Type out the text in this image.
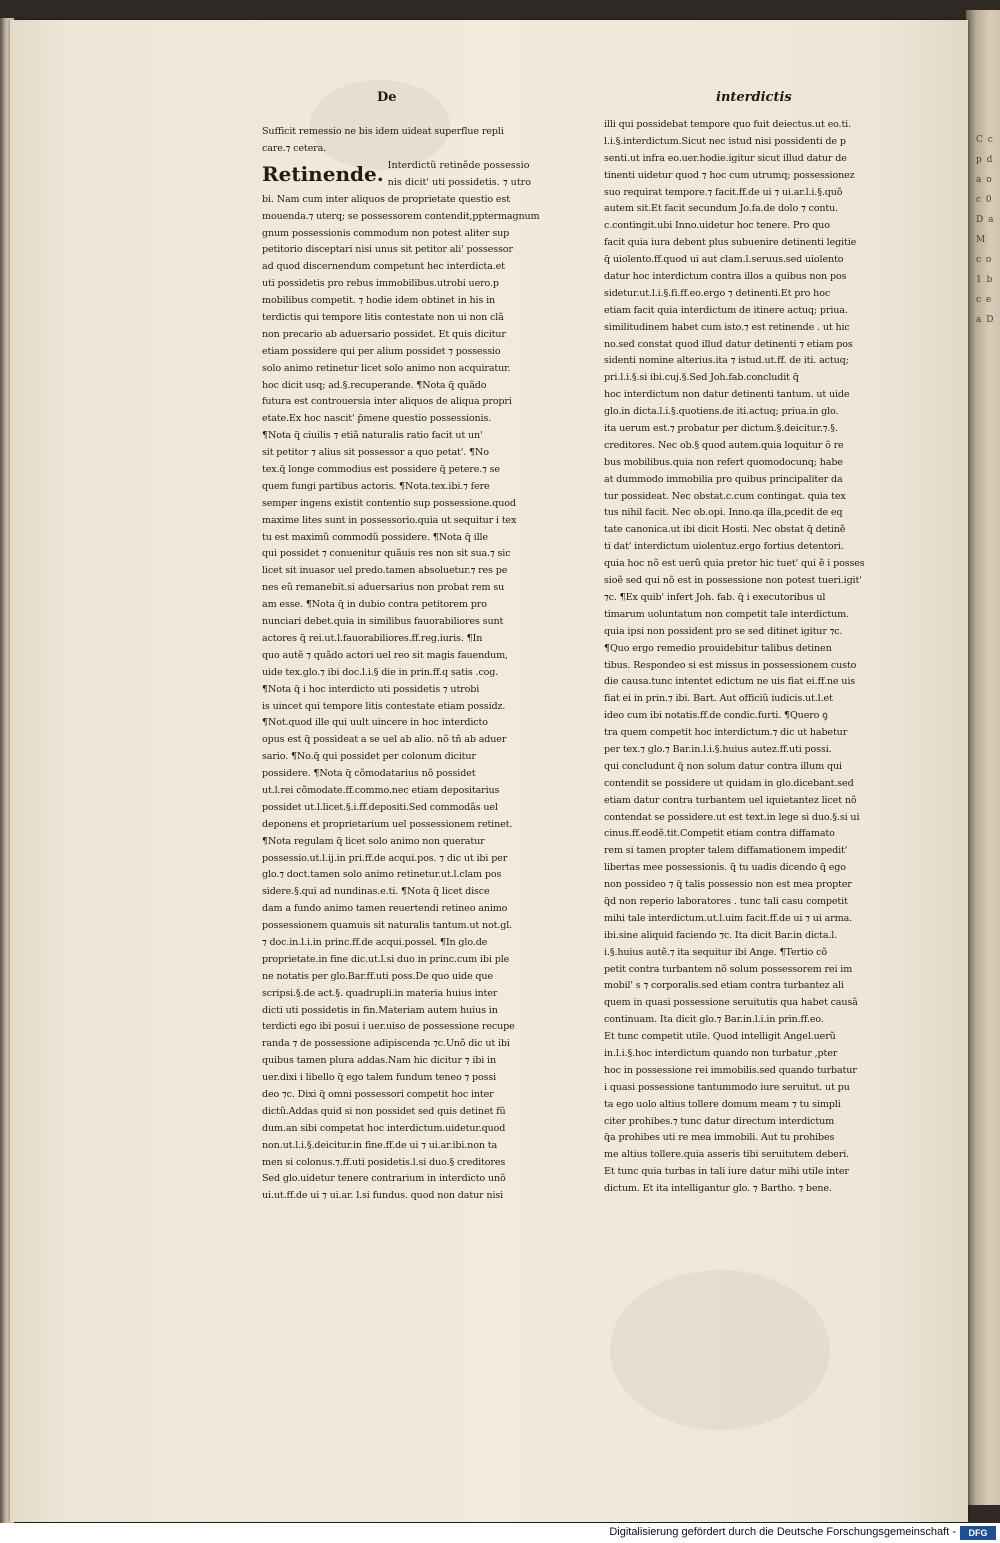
C c p d a o c 0 D a M c o 1 b c e a D
De	interdictis
Sufficit remessio ne bis idem uideat superflue repli
care.⁊ cetera.
Retinende. Interdictũ retinẽde possessio
nis dicit' uti possidetis. ⁊ utro
bi. Nam cum inter aliquos de proprietate questio est
mouenda.⁊ uterq; se possessorem contendit,pptermagnum
gnum possessionis commodum non potest aliter sup
petitorio disceptari nisi unus sit petitor ali' possessor
ad quod discernendum competunt hec interdicta.et
uti possidetis pro rebus immobilibus.utrobi uero.p
mobilibus competit. ⁊ hodie idem obtinet in his in
terdictis qui tempore litis contestate non ui non clã
non precario ab aduersario possidet. Et quis dicitur
etiam possidere qui per alium possidet ⁊ possessio
solo animo retinetur licet solo animo non acquiratur.
hoc dicit usq; ad.§.recuperande. ¶Nota q̃ quãdo
futura est controuersia inter aliquos de aliqua propri
etate.Ex hoc nascit' p̃mene questio possessionis.
¶Nota q̃ ciuilis ⁊ etiã naturalis ratio facit ut un'
sit petitor ⁊ alius sit possessor a quo petat'. ¶No
tex.q̃ longe commodius est possidere q̃ petere.⁊ se
quem fungi partibus actoris. ¶Nota.tex.ibi.⁊ fere
semper ingens existit contentio sup possessione.quod
maxime lites sunt in possessorio.quia ut sequitur i tex
tu est maximũ commodũ possidere. ¶Nota q̃ ille
qui possidet ⁊ conuenitur quãuis res non sit sua.⁊ sic
licet sit inuasor uel predo.tamen absoluetur.⁊ res pe
nes eũ remanebit.si aduersarius non probat rem su
am esse. ¶Nota q̃ in dubio contra petitorem pro
nunciari debet.quia in similibus fauorabiliores sunt
actores q̃ rei.ut.l.fauorabiliores.ff.reg.iuris. ¶In
quo autẽ ⁊ quãdo actori uel reo sit magis fauendum,
uide tex.glo.⁊ ibi doc.l.i.§ die in prin.ff.q satis .cog.
¶Nota q̃ i hoc interdicto uti possidetis ⁊ utrobi
is uincet qui tempore litis contestate etiam possidz.
¶Not.quod ille qui uult uincere in hoc interdicto
opus est q̃ possideat a se uel ab alio. nõ tñ ab aduer
sario. ¶No.q̃ qui possidet per colonum dicitur
possidere. ¶Nota q̃ cõmodatarius nõ possidet
ut.l.rei cõmodate.ff.commo.nec etiam depositarius
possidet ut.l.licet.§.i.ff.depositi.Sed commodãs uel
deponens et proprietarium uel possessionem retinet.
¶Nota regulam q̃ licet solo animo non queratur
possessio.ut.l.ij.in pri.ff.de acqui.pos. ⁊ dic ut ibi per
glo.⁊ doct.tamen solo animo retinetur.ut.l.clam pos
sidere.§.qui ad nundinas.e.ti. ¶Nota q̃ licet disce
dam a fundo animo tamen reuertendi retineo animo
possessionem quamuis sit naturalis tantum.ut not.gl.
⁊ doc.in.l.i.in princ.ff.de acqui.possel. ¶In glo.de
proprietate.in fine dic.ut.l.si duo in princ.cum ibi ple
ne notatis per glo.Bar.ff.uti poss.De quo uide que
scripsi.§.de act.§. quadrupli.in materia huius inter
dicti uti possidetis in fin.Materiam autem huius in
terdicti ego ibi posui i uer.uiso de possessione recupe
randa ⁊ de possessione adipiscenda ⁊c.Unõ dic ut ibi
quibus tamen plura addas.Nam hic dicitur ⁊ ibi in
uer.dixi i libello q̃ ego talem fundum teneo ⁊ possi
deo ⁊c. Dixi q̃ omni possessori competit hoc inter
dictũ.Addas quid si non possidet sed quis detinet fũ
dum.an sibi competat hoc interdictum.uidetur.quod
non.ut.l.i.§.deicitur.in fine.ff.de ui ⁊ ui.ar.ibi.non ta
men si colonus.⁊.ff.uti posidetis.l.si duo.§ creditores
Sed glo.uidetur tenere contrarium in interdicto unõ
ui.ut.ff.de ui ⁊ ui.ar. l.si fundus. quod non datur nisi
illi qui possidebat tempore quo fuit deiectus.ut eo.ti.
l.i.§.interdictum.Sicut nec istud nisi possidenti de p
senti.ut infra eo.uer.hodie.igitur sicut illud datur de
tinenti uidetur quod ⁊ hoc cum utrumq; possessionez
suo requirat tempore.⁊ facit.ff.de ui ⁊ ui.ar.l.i.§.quõ
autem sit.Et facit secundum Jo.fa.de dolo ⁊ contu.
c.contingit.ubi Inno.uidetur hoc tenere. Pro quo
facit quia iura debent plus subuenire detinenti legitie
q̃ uiolento.ff.quod ui aut clam.l.seruus.sed uiolento
datur hoc interdictum contra illos a quibus non pos
sidetur.ut.l.i.§.fi.ff.eo.ergo ⁊ detinenti.Et pro hoc
etiam facit quia interdictum de itinere actuq; priua.
similitudinem habet cum isto.⁊ est retinende . ut hic
no.sed constat quod illud datur detinenti ⁊ etiam pos
sidenti nomine alterius.ita ⁊ istud.ut.ff. de iti. actuq;
pri.l.i.§.si ibi.cuj.§.Sed Joh.fab.concludit q̃
hoc interdictum non datur detinenti tantum. ut uide
glo.in dicta.l.i.§.quotiens.de iti.actuq; priua.in glo.
ita uerum est.⁊ probatur per dictum.§.deicitur.⁊.§.
creditores. Nec ob.§ quod autem.quia loquitur õ re
bus mobilibus.quia non refert quomodocunq; habe
at dummodo immobilia pro quibus principaliter da
tur possideat. Nec obstat.c.cum contingat. quia tex
tus nihil facit. Nec ob.opi. Inno.qa illa,pcedit de eq
tate canonica.ut ibi dicit Hosti. Nec obstat q̃ detinẽ
ti dat' interdictum uiolentuz.ergo fortius detentori.
quia hoc nõ est uerũ quia pretor hic tuet' qui ẽ i posses
sioẽ sed qui nõ est in possessione non potest tueri.igit'
⁊c. ¶Ex quib' infert Joh. fab. q̃ i executoribus ul
timarum uoluntatum non competit tale interdictum.
quia ipsi non possident pro se sed ditinet igitur ⁊c.
¶Quo ergo remedio prouidebitur talibus detinen
tibus. Respondeo si est missus in possessionem custo
die causa.tunc intentet edictum ne uis fiat ei.ff.ne uis
fiat ei in prin.⁊ ibi. Bart. Aut officiũ iudicis.ut.l.et
ideo cum ibi notatis.ff.de condic.furti. ¶Quero ꝯ
tra quem competit hoc interdictum.⁊ dic ut habetur
per tex.⁊ glo.⁊ Bar.in.l.i.§.huius autez.ff.uti possi.
qui concludunt q̃ non solum datur contra illum qui
contendit se possidere ut quidam in glo.dicebant.sed
etiam datur contra turbantem uel iquietantez licet nõ
contendat se possidere.ut est text.in lege si duo.§.si ui
cinus.ff.eodẽ.tit.Competit etiam contra diffamato
rem si tamen propter talem diffamationem impedit'
libertas mee possessionis. q̃ tu uadis dicendo q̃ ego
non possideo ⁊ q̃ talis possessio non est mea propter
q̃d non reperio laboratores . tunc tali casu competit
mihi tale interdictum.ut.l.uim facit.ff.de ui ⁊ ui arma.
ibi.sine aliquid faciendo ⁊c. Ita dicit Bar.in dicta.l.
i.§.huius autẽ.⁊ ita sequitur ibi Ange. ¶Tertio cõ
petit contra turbantem nõ solum possessorem rei im
mobil' s ⁊ corporalis.sed etiam contra turbantez ali
quem in quasi possessione seruitutis qua habet causã
continuam. Ita dicit glo.⁊ Bar.in.l.i.in prin.ff.eo.
Et tunc competit utile. Quod intelligit Angel.uerũ
in.l.i.§.hoc interdictum quando non turbatur ,pter
hoc in possessione rei immobilis.sed quando turbatur
i quasi possessione tantummodo iure seruitut. ut pu
ta ego uolo altius tollere domum meam ⁊ tu simpli
citer prohibes.⁊ tunc datur directum interdictum
q̃a prohibes uti re mea immobili. Aut tu prohibes
me altius tollere.quia asseris tibi seruitutem deberi.
Et tunc quia turbas in tali iure datur mihi utile inter
dictum. Et ita intelligantur glo. ⁊ Bartho. ⁊ bene.
Digitalisierung gefördert durch die Deutsche Forschungsgemeinschaft -	DFG
